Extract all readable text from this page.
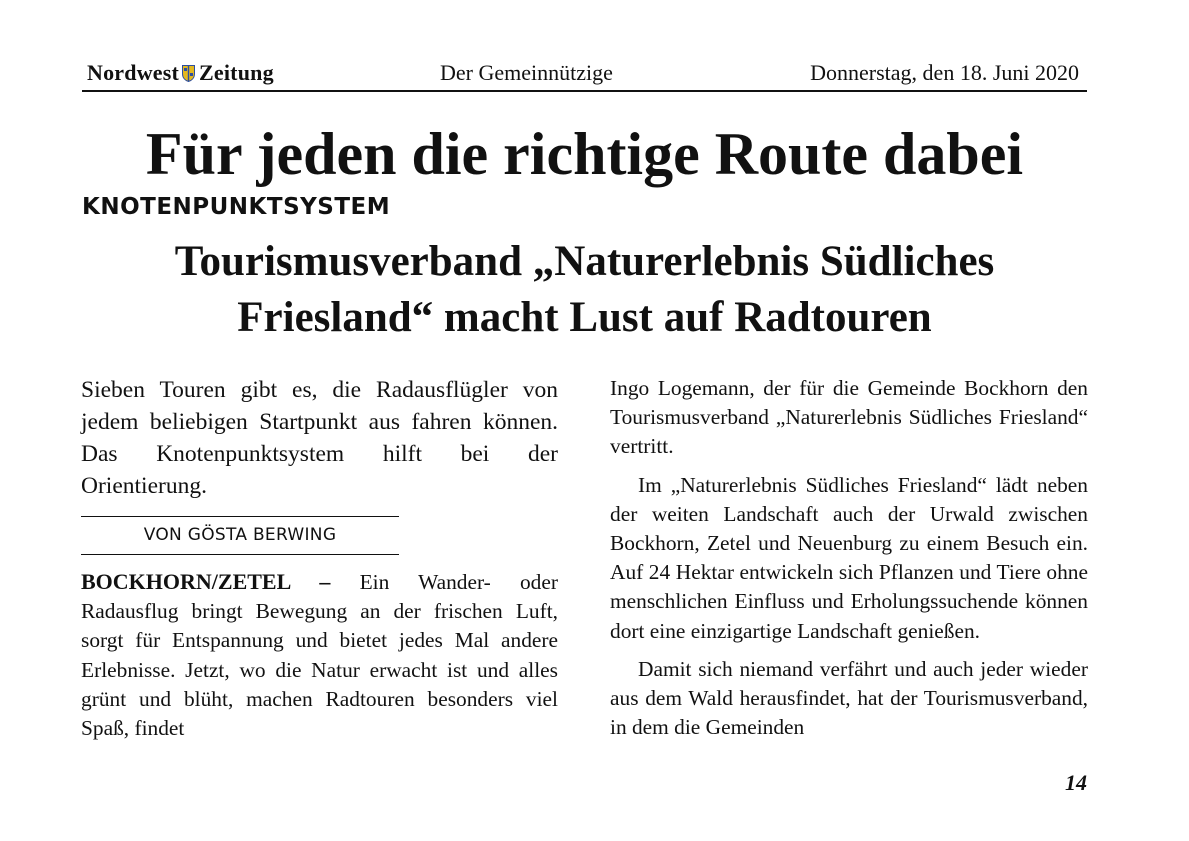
Nordwest Zeitung	Der Gemeinnützige	Donnerstag, den 18. Juni 2020
Für jeden die richtige Route dabei
KNOTENPUNKTSYSTEM
Tourismusverband „Naturerlebnis Südliches Friesland“ macht Lust auf Radtouren

Sieben Touren gibt es, die Radausflügler von jedem beliebigen Startpunkt aus fahren können. Das Knotenpunktsystem hilft bei der Orientierung.

VON GÖSTA BERWING

BOCKHORN/ZETEL – Ein Wander- oder Radausflug bringt Bewegung an der frischen Luft, sorgt für Entspannung und bietet jedes Mal andere Erlebnisse. Jetzt, wo die Natur erwacht ist und alles grünt und blüht, machen Radtouren besonders viel Spaß, findet

Ingo Logemann, der für die Gemeinde Bockhorn den Tourismusverband „Naturerlebnis Südliches Friesland“ vertritt.

Im „Naturerlebnis Südliches Friesland“ lädt neben der weiten Landschaft auch der Urwald zwischen Bockhorn, Zetel und Neuenburg zu einem Besuch ein. Auf 24 Hektar entwickeln sich Pflanzen und Tiere ohne menschlichen Einfluss und Erholungssuchende können dort eine einzigartige Landschaft genießen.

Damit sich niemand verfährt und auch jeder wieder aus dem Wald herausfindet, hat der Tourismusverband, in dem die Gemeinden

14
